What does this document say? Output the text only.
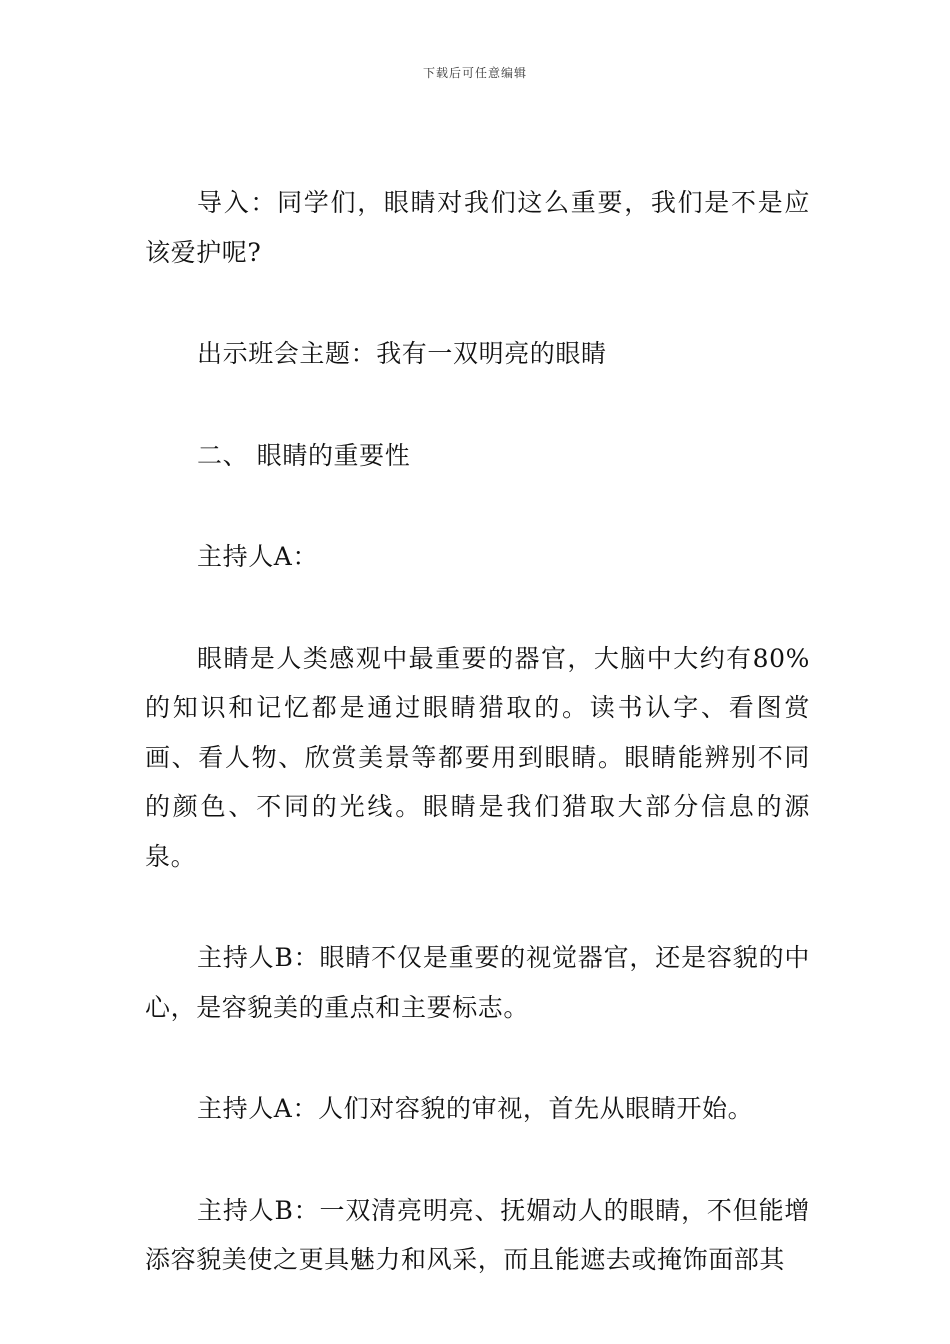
下载后可任意编辑

导入：同学们，眼睛对我们这么重要，我们是不是应该爱护呢?

出示班会主题：我有一双明亮的眼睛

二、 眼睛的重要性

主持人A：

眼睛是人类感观中最重要的器官，大脑中大约有80%的知识和记忆都是通过眼睛猎取的。读书认字、看图赏画、看人物、欣赏美景等都要用到眼睛。眼睛能辨别不同的颜色、不同的光线。眼睛是我们猎取大部分信息的源泉。

主持人B：眼睛不仅是重要的视觉器官，还是容貌的中心，是容貌美的重点和主要标志。

主持人A：人们对容貌的审视，首先从眼睛开始。

主持人B：一双清亮明亮、抚媚动人的眼睛，不但能增添容貌美使之更具魅力和风采，而且能遮去或掩饰面部其
